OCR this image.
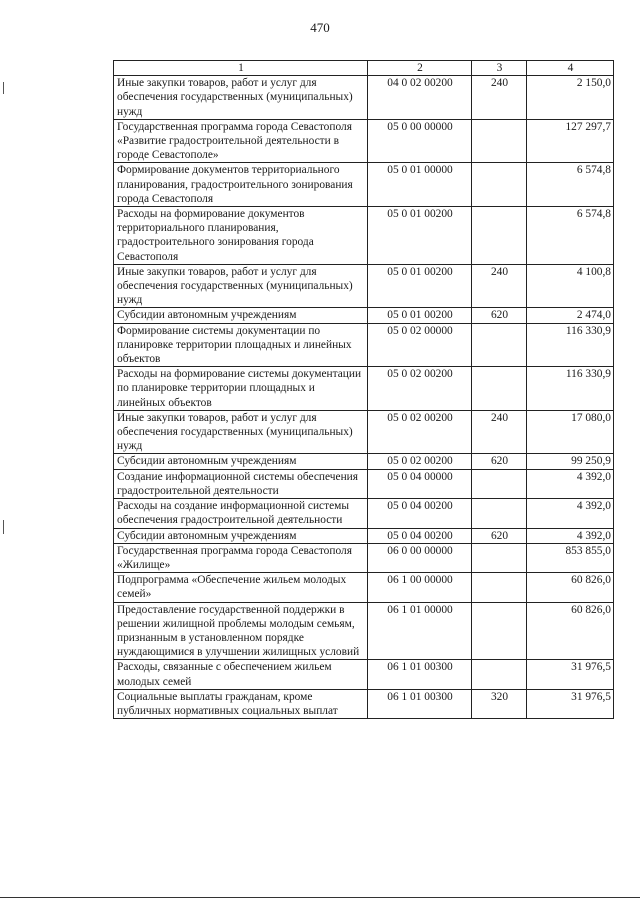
470
1	2	3	4
Иные закупки товаров, работ и услуг для обеспечения государственных (муниципальных) нужд	04 0 02 00200	240	2 150,0
Государственная программа города Севастополя «Развитие градостроительной деятельности в городе Севастополе»	05 0 00 00000		127 297,7
Формирование документов территориального планирования, градостроительного зонирования города Севастополя	05 0 01 00000		6 574,8
Расходы на формирование документов территориального планирования, градостроительного зонирования города Севастополя	05 0 01 00200		6 574,8
Иные закупки товаров, работ и услуг для обеспечения государственных (муниципальных) нужд	05 0 01 00200	240	4 100,8
Субсидии автономным учреждениям	05 0 01 00200	620	2 474,0
Формирование системы документации по планировке территории площадных и линейных объектов	05 0 02 00000		116 330,9
Расходы на формирование системы документации по планировке территории площадных и линейных объектов	05 0 02 00200		116 330,9
Иные закупки товаров, работ и услуг для обеспечения государственных (муниципальных) нужд	05 0 02 00200	240	17 080,0
Субсидии автономным учреждениям	05 0 02 00200	620	99 250,9
Создание информационной системы обеспечения градостроительной деятельности	05 0 04 00000		4 392,0
Расходы на создание информационной системы обеспечения градостроительной деятельности	05 0 04 00200		4 392,0
Субсидии автономным учреждениям	05 0 04 00200	620	4 392,0
Государственная программа города Севастополя «Жилище»	06 0 00 00000		853 855,0
Подпрограмма «Обеспечение жильем молодых семей»	06 1 00 00000		60 826,0
Предоставление государственной поддержки в решении жилищной проблемы молодым семьям, признанным в установленном порядке нуждающимися в улучшении жилищных условий	06 1 01 00000		60 826,0
Расходы, связанные с обеспечением жильем молодых семей	06 1 01 00300		31 976,5
Социальные выплаты гражданам, кроме публичных нормативных социальных выплат	06 1 01 00300	320	31 976,5
